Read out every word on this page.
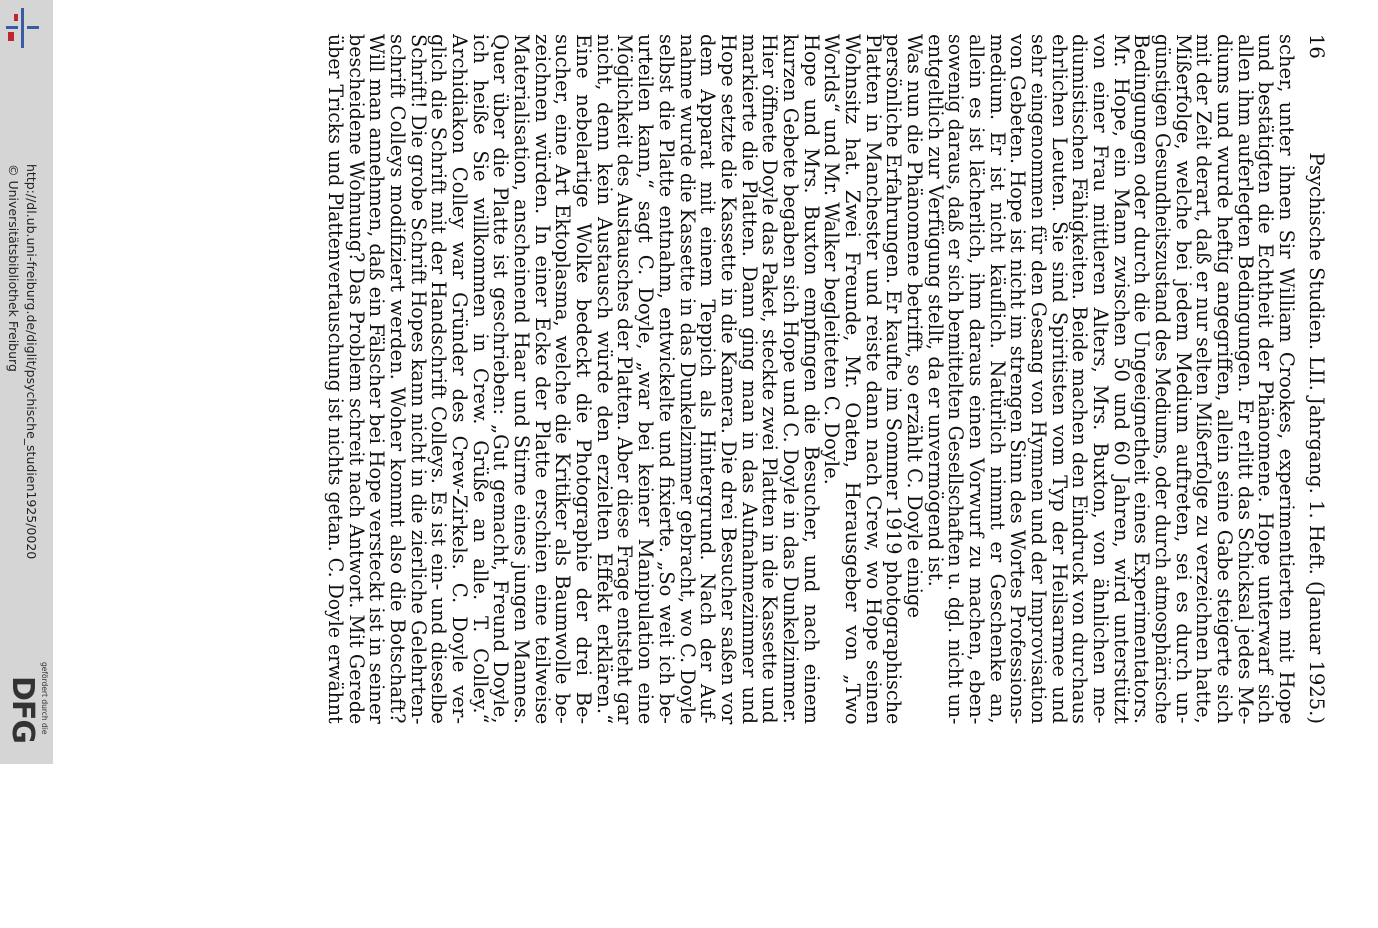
http://dl.ub.uni-freiburg.de/diglit/psychische_studien1925/0020
© Universitätsbibliothek Freiburg
gefördert durch die
DFG
16
Psychische Studien. LII. Jahrgang. 1. Heft. (Januar 1925.)
scher, unter ihnen Sir William Crookes, experimentierten mit Hope
und bestätigten die Echtheit der Phänomene. Hope unterwarf sich
allen ihm auferlegten Bedingungen. Er erlitt das Schicksal jedes Me-
diums und wurde heftig angegriffen, allein seine Gabe steigerte sich
mit der Zeit derart, daß er nur selten Mißerfolge zu verzeichnen hatte,
Mißerfolge, welche bei jedem Medium auftreten, sei es durch un-
günstigen Gesundheitszustand des Mediums, oder durch atmosphärische
Bedingungen oder durch die Ungeeignetheit eines Experimentators.
Mr. Hope, ein Mann zwischen 50 und 60 Jahren, wird unterstützt
von einer Frau mittleren Alters, Mrs. Buxton, von ähnlichen me-
diumistischen Fähigkeiten. Beide machen den Eindruck von durchaus
ehrlichen Leuten. Sie sind Spiritisten vom Typ der Heilsarmee und
sehr eingenommen für den Gesang von Hymnen und der Improvisation
von Gebeten. Hope ist nicht im strengen Sinn des Wortes Professions-
medium. Er ist nicht käuflich. Natürlich nimmt er Geschenke an,
allein es ist lächerlich, ihm daraus einen Vorwurf zu machen, eben-
sowenig daraus, daß er sich bemittelten Gesellschaften u. dgl. nicht un-
entgeltlich zur Verfügung stellt, da er unvermögend ist.
Was nun die Phänomene betrifft, so erzählt C. Doyle einige
persönliche Erfahrungen. Er kaufte im Sommer 1919 photographische
Platten in Manchester und reiste dann nach Crew, wo Hope seinen
Wohnsitz hat. Zwei Freunde, Mr. Oaten, Herausgeber von „Two
Worlds“ und Mr. Walker begleiteten C. Doyle.
Hope und Mrs. Buxton empfingen die Besucher, und nach einem
kurzen Gebete begaben sich Hope und C. Doyle in das Dunkelzimmer.
Hier öffnete Doyle das Paket, steckte zwei Platten in die Kassette und
markierte die Platten. Dann ging man in das Aufnahmezimmer und
Hope setzte die Kassette in die Kamera. Die drei Besucher saßen vor
dem Apparat mit einem Teppich als Hintergrund. Nach der Auf-
nahme wurde die Kassette in das Dunkelzimmer gebracht, wo C. Doyle
selbst die Platte entnahm, entwickelte und fixierte. „So weit ich be-
urteilen kann,“ sagt C. Doyle, „war bei keiner Manipulation eine
Möglichkeit des Austausches der Platten. Aber diese Frage entsteht gar
nicht, denn kein Austausch würde den erzielten Effekt erklären.“
Eine nebelartige Wolke bedeckt die Photographie der drei Be-
sucher, eine Art Ektoplasma, welche die Kritiker als Baumwolle be-
zeichnen würden. In einer Ecke der Platte erschien eine teilweise
Materialisation, anscheinend Haar und Stirne eines jungen Mannes.
Quer über die Platte ist geschrieben: „Gut gemacht, Freund Doyle,
ich heiße Sie willkommen in Crew. Grüße an alle. T. Colley.“
Archidiakon Colley war Gründer des Crew-Zirkels. C. Doyle ver-
glich die Schrift mit der Handschrift Colleys. Es ist ein- und dieselbe
Schrift! Die grobe Schrift Hopes kann nicht in die zierliche Gelehrten-
schrift Colleys modifiziert werden. Woher kommt also die Botschaft?
Will man annehmen, daß ein Fälscher bei Hope versteckt ist in seiner
bescheidene Wohnung? Das Problem schreit nach Antwort. Mit Gerede
über Tricks und Plattenvertauschung ist nichts getan. C. Doyle erwähnt
